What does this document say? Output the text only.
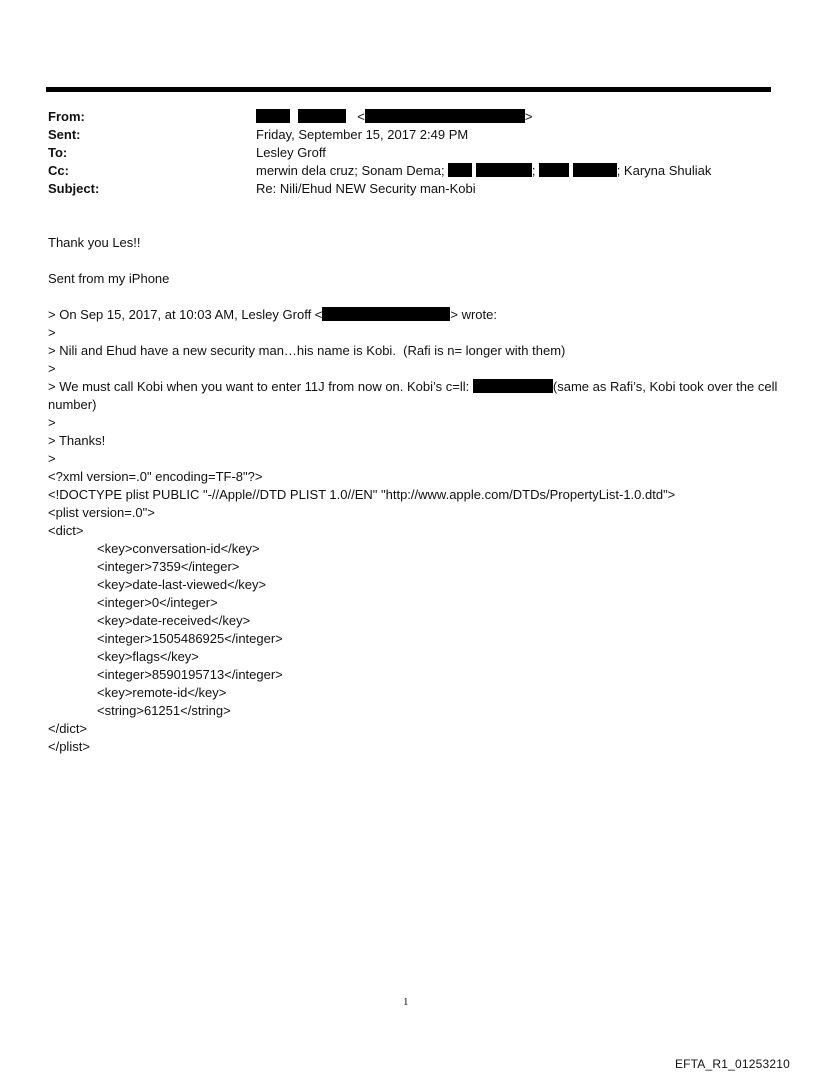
From:	<	>
Sent:	Friday, September 15, 2017 2:49 PM
To:	Lesley Groff
Cc:	merwin dela cruz; Sonam Dema;	;	; Karyna Shuliak
Subject:	Re: Nili/Ehud NEW Security man-Kobi
Thank you Les!!
Sent from my iPhone
> On Sep 15, 2017, at 10:03 AM, Lesley Groff <	> wrote:
>
> Nili and Ehud have a new security man…his name is Kobi.  (Rafi is n= longer with them)
>
> We must call Kobi when you want to enter 11J from now on. Kobi’s c=ll:	(same as Rafi’s, Kobi took over the cell number)
>
> Thanks!
>
<?xml version=.0" encoding=TF-8"?>
<!DOCTYPE plist PUBLIC "-//Apple//DTD PLIST 1.0//EN" "http://www.apple.com/DTDs/PropertyList-1.0.dtd">
<plist version=.0">
<dict>
<key>conversation-id</key>
<integer>7359</integer>
<key>date-last-viewed</key>
<integer>0</integer>
<key>date-received</key>
<integer>1505486925</integer>
<key>flags</key>
<integer>8590195713</integer>
<key>remote-id</key>
<string>61251</string>
</dict>
</plist>
1
EFTA_R1_01253210
